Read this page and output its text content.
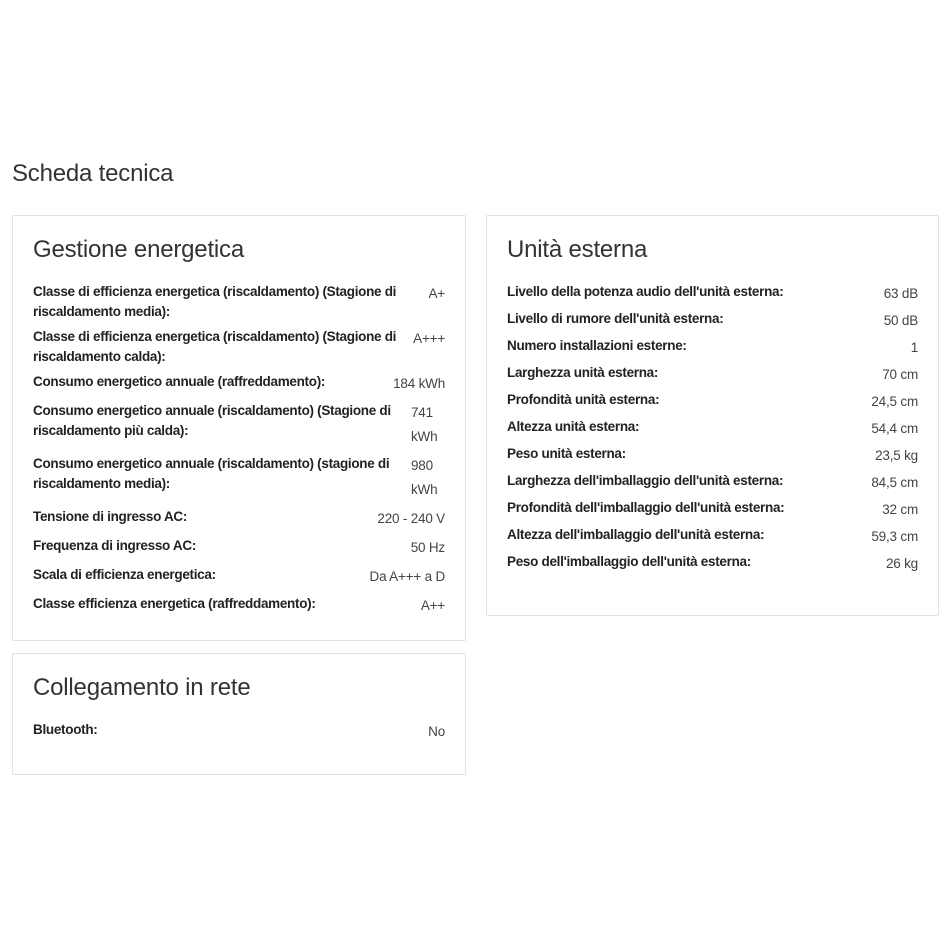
Scheda tecnica
Gestione energetica
Classe di efficienza energetica (riscaldamento) (Stagione di riscaldamento media):
A+
Classe di efficienza energetica (riscaldamento) (Stagione di riscaldamento calda):
A+++
Consumo energetico annuale (raffreddamento):	184 kWh
Consumo energetico annuale (riscaldamento) (Stagione di riscaldamento più calda):
741 kWh
Consumo energetico annuale (riscaldamento) (stagione di riscaldamento media):
980 kWh
Tensione di ingresso AC:	220 - 240 V
Frequenza di ingresso AC:	50 Hz
Scala di efficienza energetica:	Da A+++ a D
Classe efficienza energetica (raffreddamento):	A++
Collegamento in rete
Bluetooth:	No
Unità esterna
Livello della potenza audio dell'unità esterna:	63 dB
Livello di rumore dell'unità esterna:	50 dB
Numero installazioni esterne:	1
Larghezza unità esterna:	70 cm
Profondità unità esterna:	24,5 cm
Altezza unità esterna:	54,4 cm
Peso unità esterna:	23,5 kg
Larghezza dell'imballaggio dell'unità esterna:	84,5 cm
Profondità dell'imballaggio dell'unità esterna:	32 cm
Altezza dell'imballaggio dell'unità esterna:	59,3 cm
Peso dell'imballaggio dell'unità esterna:	26 kg
